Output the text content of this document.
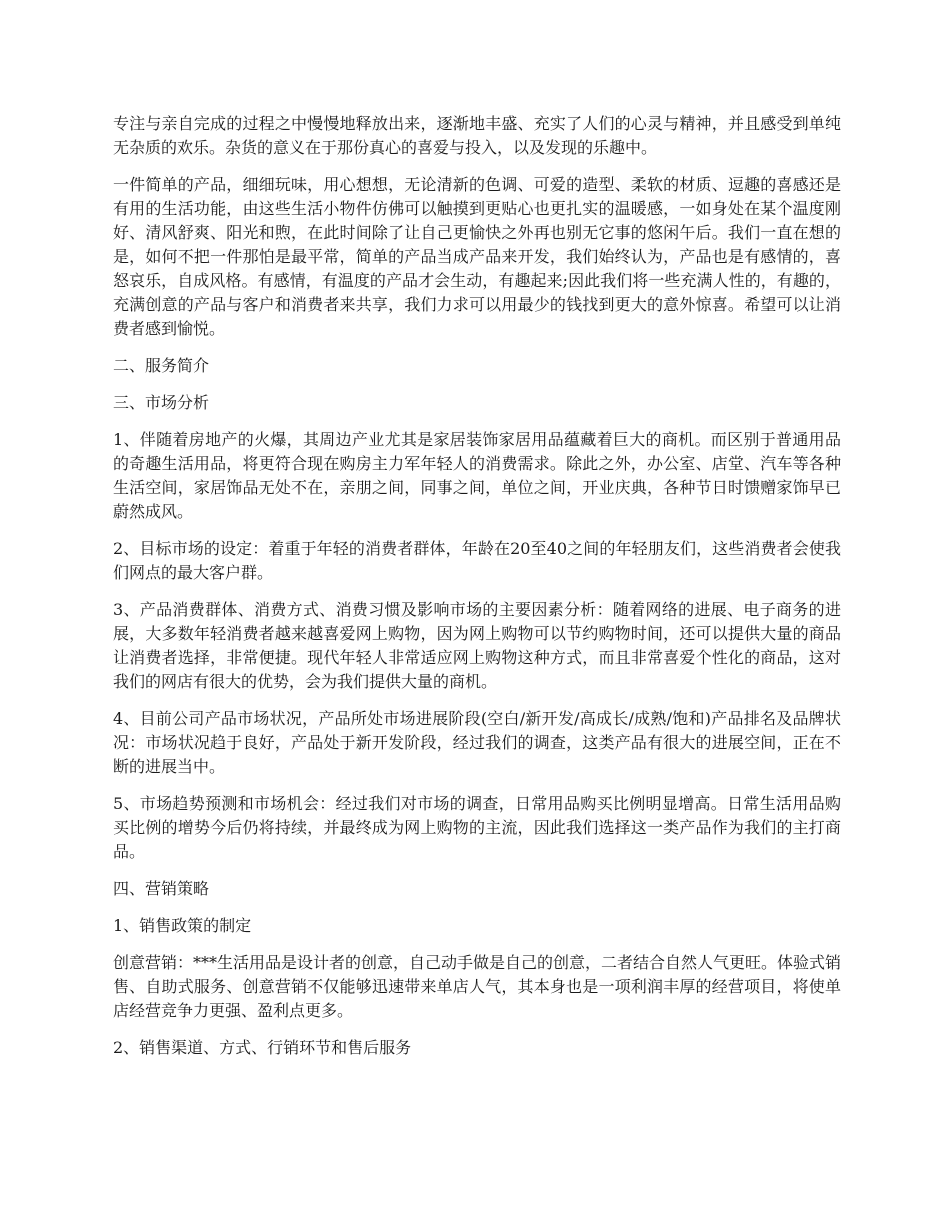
专注与亲自完成的过程之中慢慢地释放出来，逐渐地丰盛、充实了人们的心灵与精神，并且感受到单纯无杂质的欢乐。杂货的意义在于那份真心的喜爱与投入，以及发现的乐趣中。

一件简单的产品，细细玩味，用心想想，无论清新的色调、可爱的造型、柔软的材质、逗趣的喜感还是有用的生活功能，由这些生活小物件仿佛可以触摸到更贴心也更扎实的温暖感，一如身处在某个温度刚好、清风舒爽、阳光和煦，在此时间除了让自己更愉快之外再也别无它事的悠闲午后。我们一直在想的是，如何不把一件那怕是最平常，简单的产品当成产品来开发，我们始终认为，产品也是有感情的，喜怒哀乐，自成风格。有感情，有温度的产品才会生动，有趣起来;因此我们将一些充满人性的，有趣的，充满创意的产品与客户和消费者来共享，我们力求可以用最少的钱找到更大的意外惊喜。希望可以让消费者感到愉悦。

二、服务简介

三、市场分析

1、伴随着房地产的火爆，其周边产业尤其是家居装饰家居用品蕴藏着巨大的商机。而区别于普通用品的奇趣生活用品，将更符合现在购房主力军年轻人的消费需求。除此之外，办公室、店堂、汽车等各种生活空间，家居饰品无处不在，亲朋之间，同事之间，单位之间，开业庆典，各种节日时馈赠家饰早已蔚然成风。

2、目标市场的设定：着重于年轻的消费者群体，年龄在20至40之间的年轻朋友们，这些消费者会使我们网点的最大客户群。

3、产品消费群体、消费方式、消费习惯及影响市场的主要因素分析：随着网络的进展、电子商务的进展，大多数年轻消费者越来越喜爱网上购物，因为网上购物可以节约购物时间，还可以提供大量的商品让消费者选择，非常便捷。现代年轻人非常适应网上购物这种方式，而且非常喜爱个性化的商品，这对我们的网店有很大的优势，会为我们提供大量的商机。

4、目前公司产品市场状况，产品所处市场进展阶段(空白/新开发/高成长/成熟/饱和)产品排名及品牌状况：市场状况趋于良好，产品处于新开发阶段，经过我们的调查，这类产品有很大的进展空间，正在不断的进展当中。

5、市场趋势预测和市场机会：经过我们对市场的调查，日常用品购买比例明显增高。日常生活用品购买比例的增势今后仍将持续，并最终成为网上购物的主流，因此我们选择这一类产品作为我们的主打商品。

四、营销策略

1、销售政策的制定

创意营销：***生活用品是设计者的创意，自己动手做是自己的创意，二者结合自然人气更旺。体验式销售、自助式服务、创意营销不仅能够迅速带来单店人气，其本身也是一项利润丰厚的经营项目，将使单店经营竞争力更强、盈利点更多。

2、销售渠道、方式、行销环节和售后服务
